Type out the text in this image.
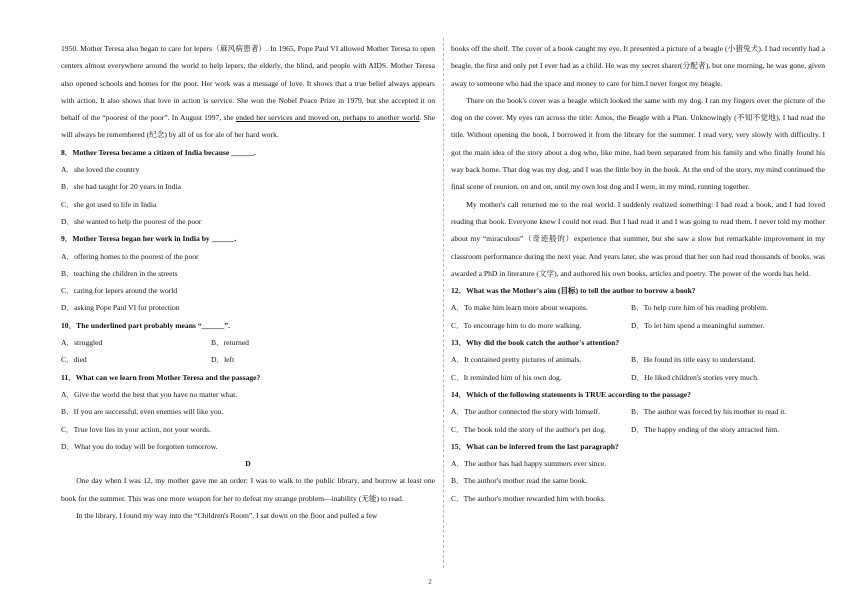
1950. Mother Teresa also began to care for lepers（麻风病患者）. In 1965, Pope Paul VI allowed Mother Teresa to open centers almost everywhere around the world to help lepers, the elderly, the blind, and people with AIDS. Mother Teresa also opened schools and homes for the poor. Her work was a message of love. It shows that a true belief always appears with action. It also shows that love in action is service. She won the Nobel Peace Prize in 1979, but she accepted it on behalf of the “poorest of the poor”. In August 1997, she ended her services and moved on, perhaps to another world. She will always be remembered (纪念) by all of us for ale of her hard work.

8．Mother Teresa became a citizen of India because ______.

A．she loved the country

B．she had taught for 20 years in India

C．she got used to life in India

D．she wanted to help the poorest of the poor

9．Mother Teresa began her work in India by ______.

A．offering homes to the poorest of the poor

B．teaching the children in the streets

C．caring for lepers around the world

D．asking Pope Paul VI for protection

10．The underlined part probably means “______”.

A．struggled	B．returned
C．died	D．left

11．What can we learn from Mother Teresa and the passage?

A．Give the world the best that you have no matter what.

B．If you are successful, even enemies will like you.

C．True love lies in your action, not your words.

D．What you do today will be forgotten tomorrow.

D

One day when I was 12, my mother gave me an order: I was to walk to the public library, and borrow at least one book for the summer. This was one more weapon for her to defeat my strange problem—inability (无能) to read.

In the library, I found my way into the “Children's Room”. I sat down on the floor and pulled a few

books off the shelf. The cover of a book caught my eye. It presented a picture of a beagle (小猎兔犬). I had recently had a beagle, the first and only pet I ever had as a child. He was my secret sharer(分配者), but one morning, he was gone, given away to someone who had the space and money to care for him.I never forgot my beagle.

There on the book's cover was a beagle which looked the same with my dog. I ran my fingers over the picture of the dog on the cover. My eyes ran across the title: Amos, the Beagle with a Plan. Unknowingly (不知不觉地), I had read the title. Without opening the book, I borrowed it from the library for the summer. I read very, very slowly with difficulty. I got the main idea of the story about a dog who, like mine, had been separated from his family and who finally found his way back home. That dog was my dog, and I was the little boy in the book. At the end of the story, my mind continued the final scene of reunion, on and on, until my own lost dog and I were, in my mind, running together.

My mother's call returned me to the real world. I suddenly realized something: I had read a book, and I had loved reading that book. Everyone knew I could not read. But I had read it and I was going to read them. I never told my mother about my “miraculous”（奇迹般的）experience that summer, but she saw a slow but remarkable improvement in my classroom performance during the next year. And years later, she was proud that her son had read thousands of books, was awarded a PhD in literature (文学), and authored his own books, articles and poetry. The power of the words has held.

12．What was the Mother's aim (目标) to tell the author to borrow a book?

A．To make him learn more about weapons.	B．To help cure him of his reading problem.
C．To encourage him to do more walking.	D．To let him spend a meaningful summer.

13．Why did the book catch the author's attention?

A．It contained pretty pictures of animals.	B．He found its title easy to understand.
C．It reminded him of his own dog.	D．He liked children's stories very much.

14．Which of the following statements is TRUE according to the passage?

A．The author connected the story with himself.	B．The author was forced by his mother to read it.
C．The book told the story of the author's pet dog.	D．The happy ending of the story attracted him.

15．What can be inferred from the last paragraph?

A．The author has had happy summers ever since.

B．The author's mother read the same book.

C．The author's mother rewarded him with books.

2
